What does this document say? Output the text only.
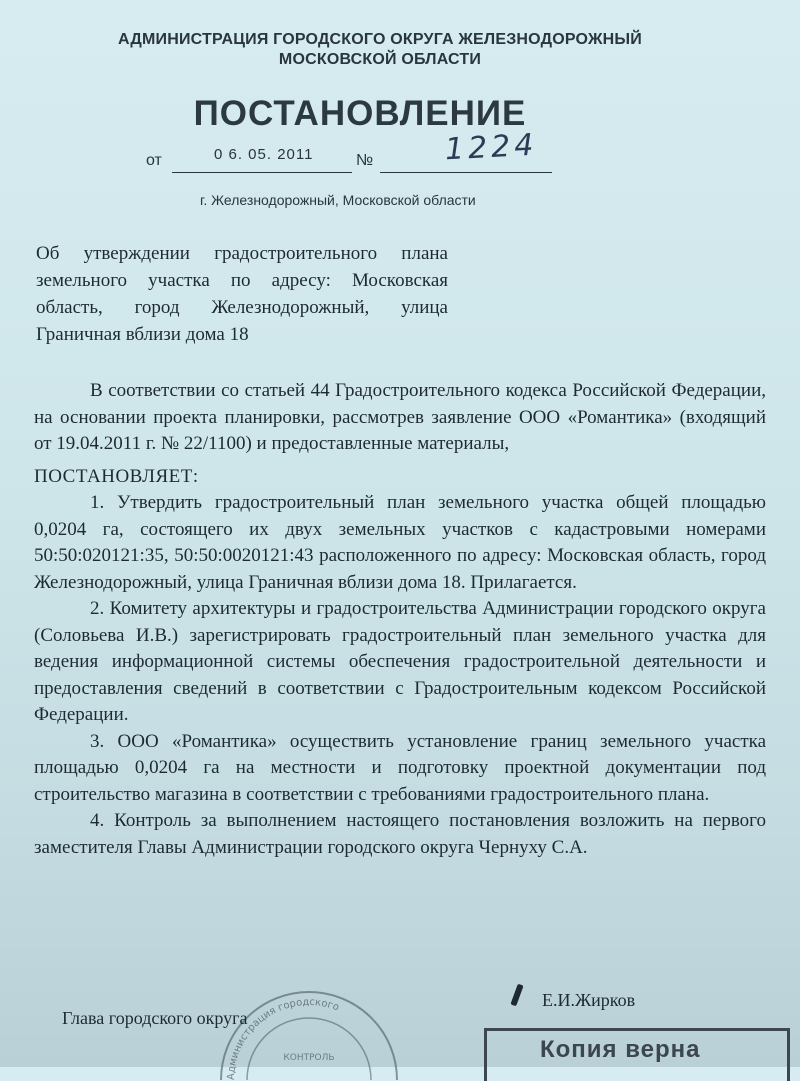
АДМИНИСТРАЦИЯ ГОРОДСКОГО ОКРУГА ЖЕЛЕЗНОДОРОЖНЫЙ
МОСКОВСКОЙ ОБЛАСТИ
ПОСТАНОВЛЕНИЕ
от	0 6. 05. 2011	№ 1224
г. Железнодорожный, Московской области
Об утверждении градостроительного плана земельного участка по адресу: Московская область, город Железнодорожный, улица Граничная вблизи дома 18

В соответствии со статьей 44 Градостроительного кодекса Российской Федерации, на основании проекта планировки, рассмотрев заявление ООО «Романтика» (входящий от 19.04.2011 г. № 22/1100) и предоставленные материалы,

ПОСТАНОВЛЯЕТ:

1. Утвердить градостроительный план земельного участка общей площадью 0,0204 га, состоящего их двух земельных участков с кадастровыми номерами 50:50:020121:35, 50:50:0020121:43 расположенного по адресу: Московская область, город Железнодорожный, улица Граничная вблизи дома 18. Прилагается.

2. Комитету архитектуры и градостроительства Администрации городского округа (Соловьева И.В.) зарегистрировать градостроительный план земельного участка для ведения информационной системы обеспечения градостроительной деятельности и предоставления сведений в соответствии с Градостроительным кодексом Российской Федерации.

3. ООО «Романтика» осуществить установление границ земельного участка площадью 0,0204 га на местности и подготовку проектной документации под строительство магазина в соответствии с требованиями градостроительного плана.

4. Контроль за выполнением настоящего постановления возложить на первого заместителя Главы Администрации городского округа Чернуху С.А.

Администрация городского
КОНТРОЛЬ
Глава городского округа
Е.И.Жирков
Копия верна
